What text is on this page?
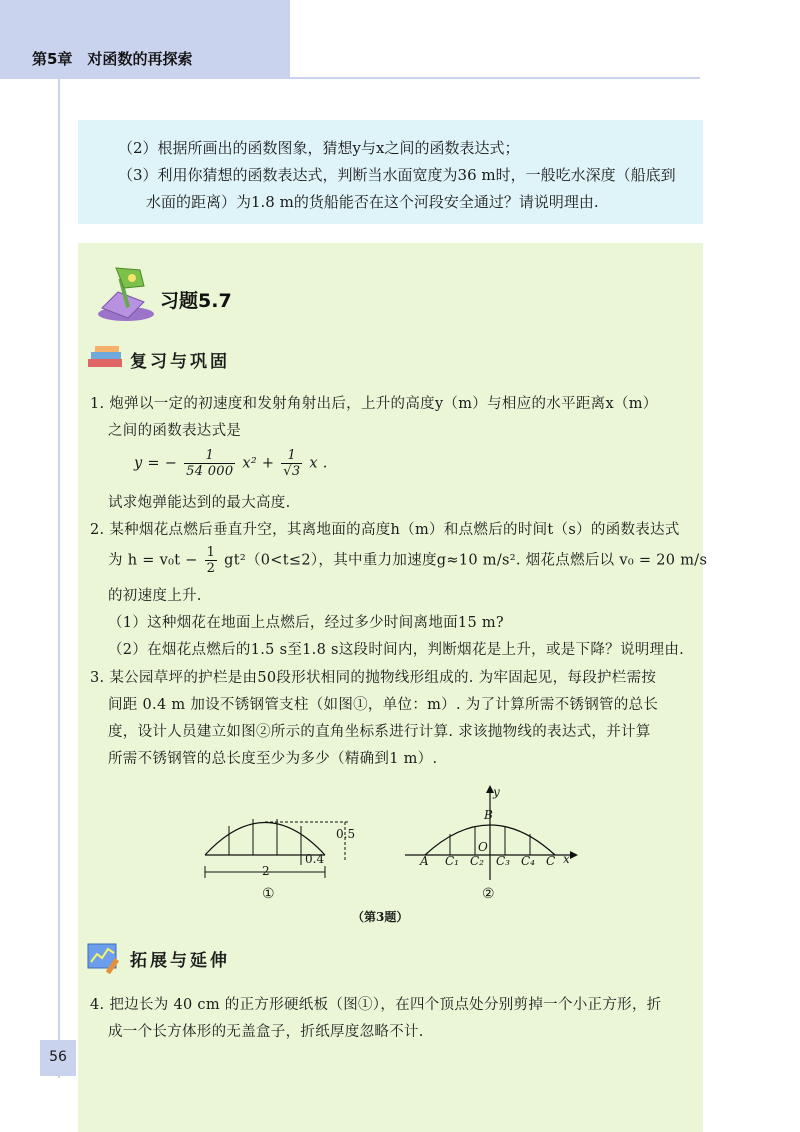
第5章　对函数的再探索
（2）根据所画出的函数图象，猜想y与x之间的函数表达式；
（3）利用你猜想的函数表达式，判断当水面宽度为36 m时，一般吃水深度（船底到
水面的距离）为1.8 m的货船能否在这个河段安全通过？请说明理由.
习题5.7
复习与巩固
1. 炮弹以一定的初速度和发射角射出后，上升的高度y（m）与相应的水平距离x（m）
之间的函数表达式是
y = − $\frac{1}{54 000} x^2 + \frac{1}{√3}$ x .
试求炮弹能达到的最大高度.
2. 某种烟花点燃后垂直升空，其离地面的高度h（m）和点燃后的时间t（s）的函数表达式
为 $h = v_0t - \frac{1}{2} gt^2(0<t\le 2)$，其中重力加速度g≈10 m/s². 烟花点燃后以 v₀ = 20 m/s
的初速度上升.
（1）这种烟花在地面上点燃后，经过多少时间离地面15 m?
（2）在烟花点燃后的1.5 s至1.8 s这段时间内，判断烟花是上升，或是下降？说明理由.
3. 某公园草坪的护栏是由50段形状相同的抛物线形组成的. 为牢固起见，每段护栏需按
间距 0.4 m 加设不锈钢管支柱（如图①，单位：m）. 为了计算所需不锈钢管的总长
度，设计人员建立如图②所示的直角坐标系进行计算. 求该抛物线的表达式，并计算
所需不锈钢管的总长度至少为多少（精确到1 m）.
0.5
0.4
2
①
y
x
B
O
A C₁ C₂ C₃ C₄ C
②
（第3题）
拓展与延伸
4. 把边长为 40 cm 的正方形硬纸板（图①），在四个顶点处分别剪掉一个小正方形，折
成一个长方体形的无盖盒子，折纸厚度忽略不计.
56
